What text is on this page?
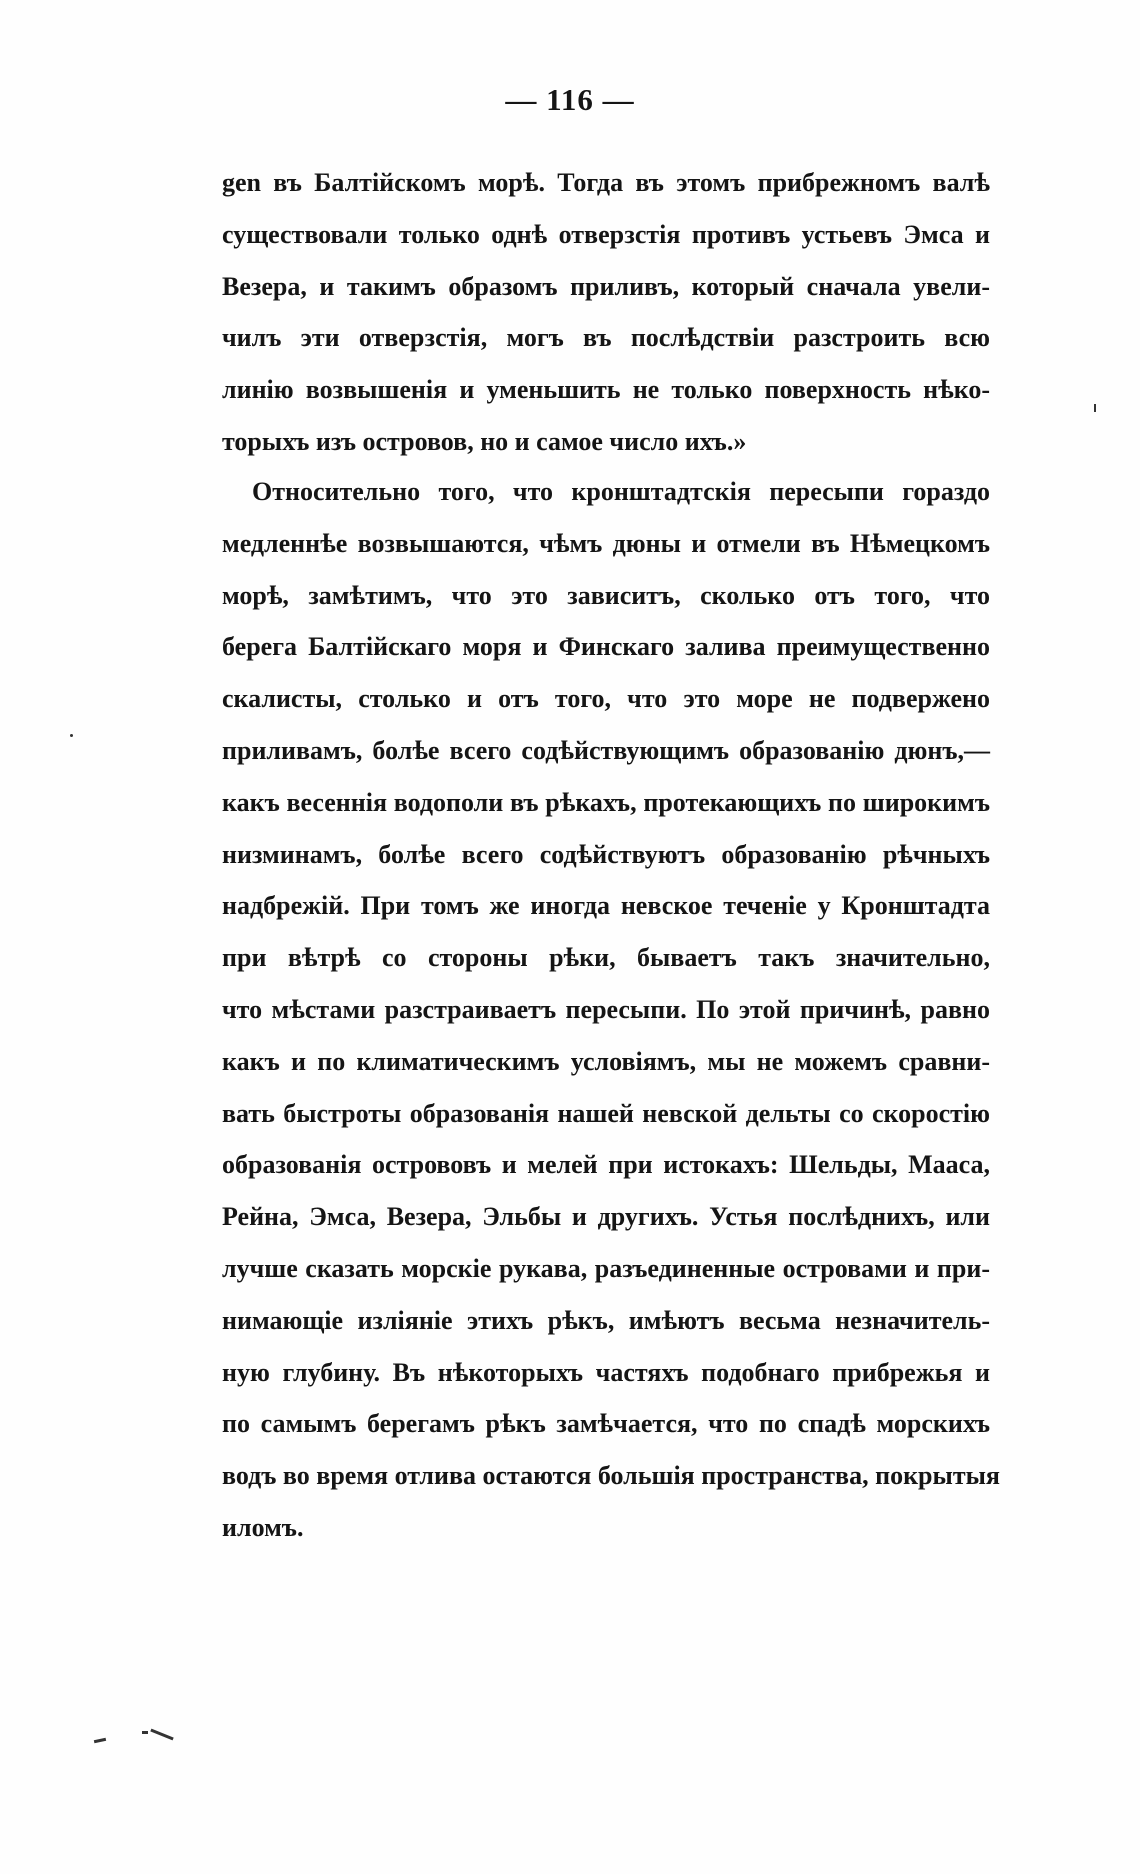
— 116 —
gen въ Балтійскомъ морѣ. Тогда въ этомъ прибрежномъ валѣ
существовали только однѣ отверзстія противъ устьевъ Эмса и
Везера, и такимъ образомъ приливъ, который сначала увели-
чилъ эти отверзстія, могъ въ послѣдствіи разстроить всю
линію возвышенія и уменьшить не только поверхность нѣко-
торыхъ изъ островов, но и самое число ихъ.»
Относительно того, что кронштадтскія пересыпи гораздо
медленнѣе возвышаются, чѣмъ дюны и отмели въ Нѣмецкомъ
морѣ, замѣтимъ, что это зависитъ, сколько отъ того, что
берега Балтійскаго моря и Финскаго залива преимущественно
скалисты, столько и отъ того, что это море не подвержено
приливамъ, болѣе всего содѣйствующимъ образованію дюнъ,—
какъ весеннія водополи въ рѣкахъ, протекающихъ по широкимъ
низминамъ, болѣе всего содѣйствуютъ образованію рѣчныхъ
надбрежій. При томъ же иногда невское теченіе у Кронштадта
при вѣтрѣ со стороны рѣки, бываетъ такъ значительно,
что мѣстами разстраиваетъ пересыпи. По этой причинѣ, равно
какъ и по климатическимъ условіямъ, мы не можемъ сравни-
вать быстроты образованія нашей невской дельты со скоростію
образованія острововъ и мелей при истокахъ: Шельды, Мааса,
Рейна, Эмса, Везера, Эльбы и другихъ. Устья послѣднихъ, или
лучше сказать морскіе рукава, разъединенные островами и при-
нимающіе изліяніе этихъ рѣкъ, имѣютъ весьма незначитель-
ную глубину. Въ нѣкоторыхъ частяхъ подобнаго прибрежья и
по самымъ берегамъ рѣкъ замѣчается, что по спадѣ морскихъ
водъ во время отлива остаются большія пространства, покрытыя
иломъ.
